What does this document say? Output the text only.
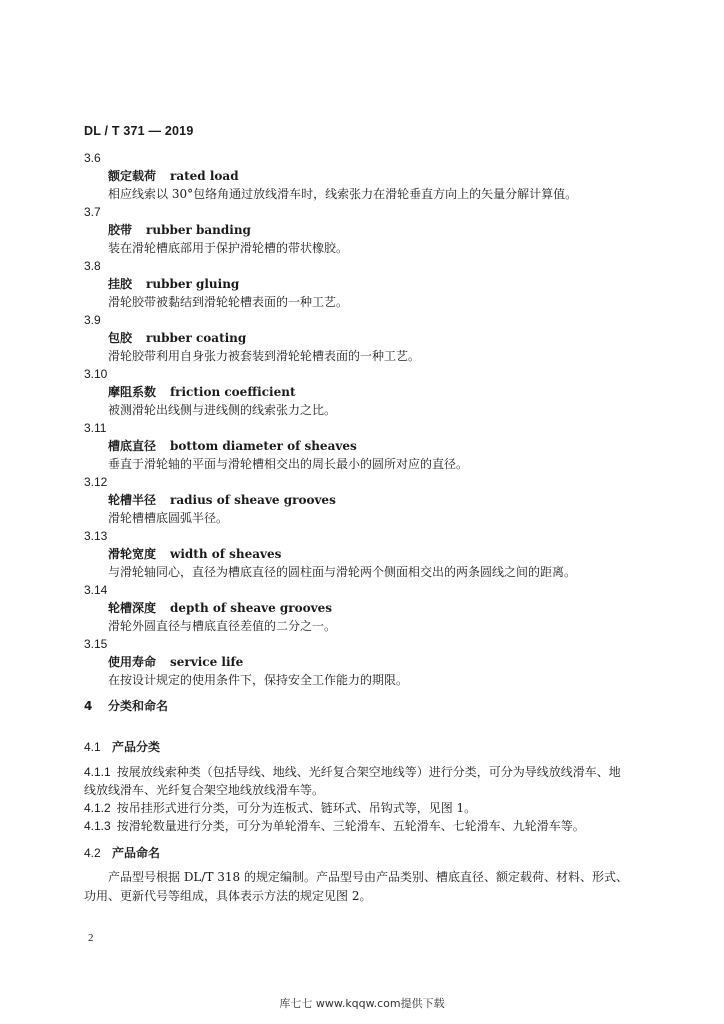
DL / T 371 — 2019
3.6
额定载荷 rated load
相应线索以 30°包络角通过放线滑车时，线索张力在滑轮垂直方向上的矢量分解计算值。
3.7
胶带 rubber banding
装在滑轮槽底部用于保护滑轮槽的带状橡胶。
3.8
挂胶 rubber gluing
滑轮胶带被黏结到滑轮轮槽表面的一种工艺。
3.9
包胶 rubber coating
滑轮胶带利用自身张力被套装到滑轮轮槽表面的一种工艺。
3.10
摩阻系数 friction coefficient
被测滑轮出线侧与进线侧的线索张力之比。
3.11
槽底直径 bottom diameter of sheaves
垂直于滑轮轴的平面与滑轮槽相交出的周长最小的圆所对应的直径。
3.12
轮槽半径 radius of sheave grooves
滑轮槽槽底圆弧半径。
3.13
滑轮宽度 width of sheaves
与滑轮轴同心，直径为槽底直径的圆柱面与滑轮两个侧面相交出的两条圆线之间的距离。
3.14
轮槽深度 depth of sheave grooves
滑轮外圆直径与槽底直径差值的二分之一。
3.15
使用寿命 service life
在按设计规定的使用条件下，保持安全工作能力的期限。
4 分类和命名
4.1 产品分类
4.1.1 按展放线索种类（包括导线、地线、光纤复合架空地线等）进行分类，可分为导线放线滑车、地线放线滑车、光纤复合架空地线放线滑车等。
4.1.2 按吊挂形式进行分类，可分为连板式、链环式、吊钩式等，见图 1。
4.1.3 按滑轮数量进行分类，可分为单轮滑车、三轮滑车、五轮滑车、七轮滑车、九轮滑车等。
4.2 产品命名
产品型号根据 DL/T 318 的规定编制。产品型号由产品类别、槽底直径、额定载荷、材料、形式、功用、更新代号等组成，具体表示方法的规定见图 2。
2
库七七 www.kqqw.com提供下载
